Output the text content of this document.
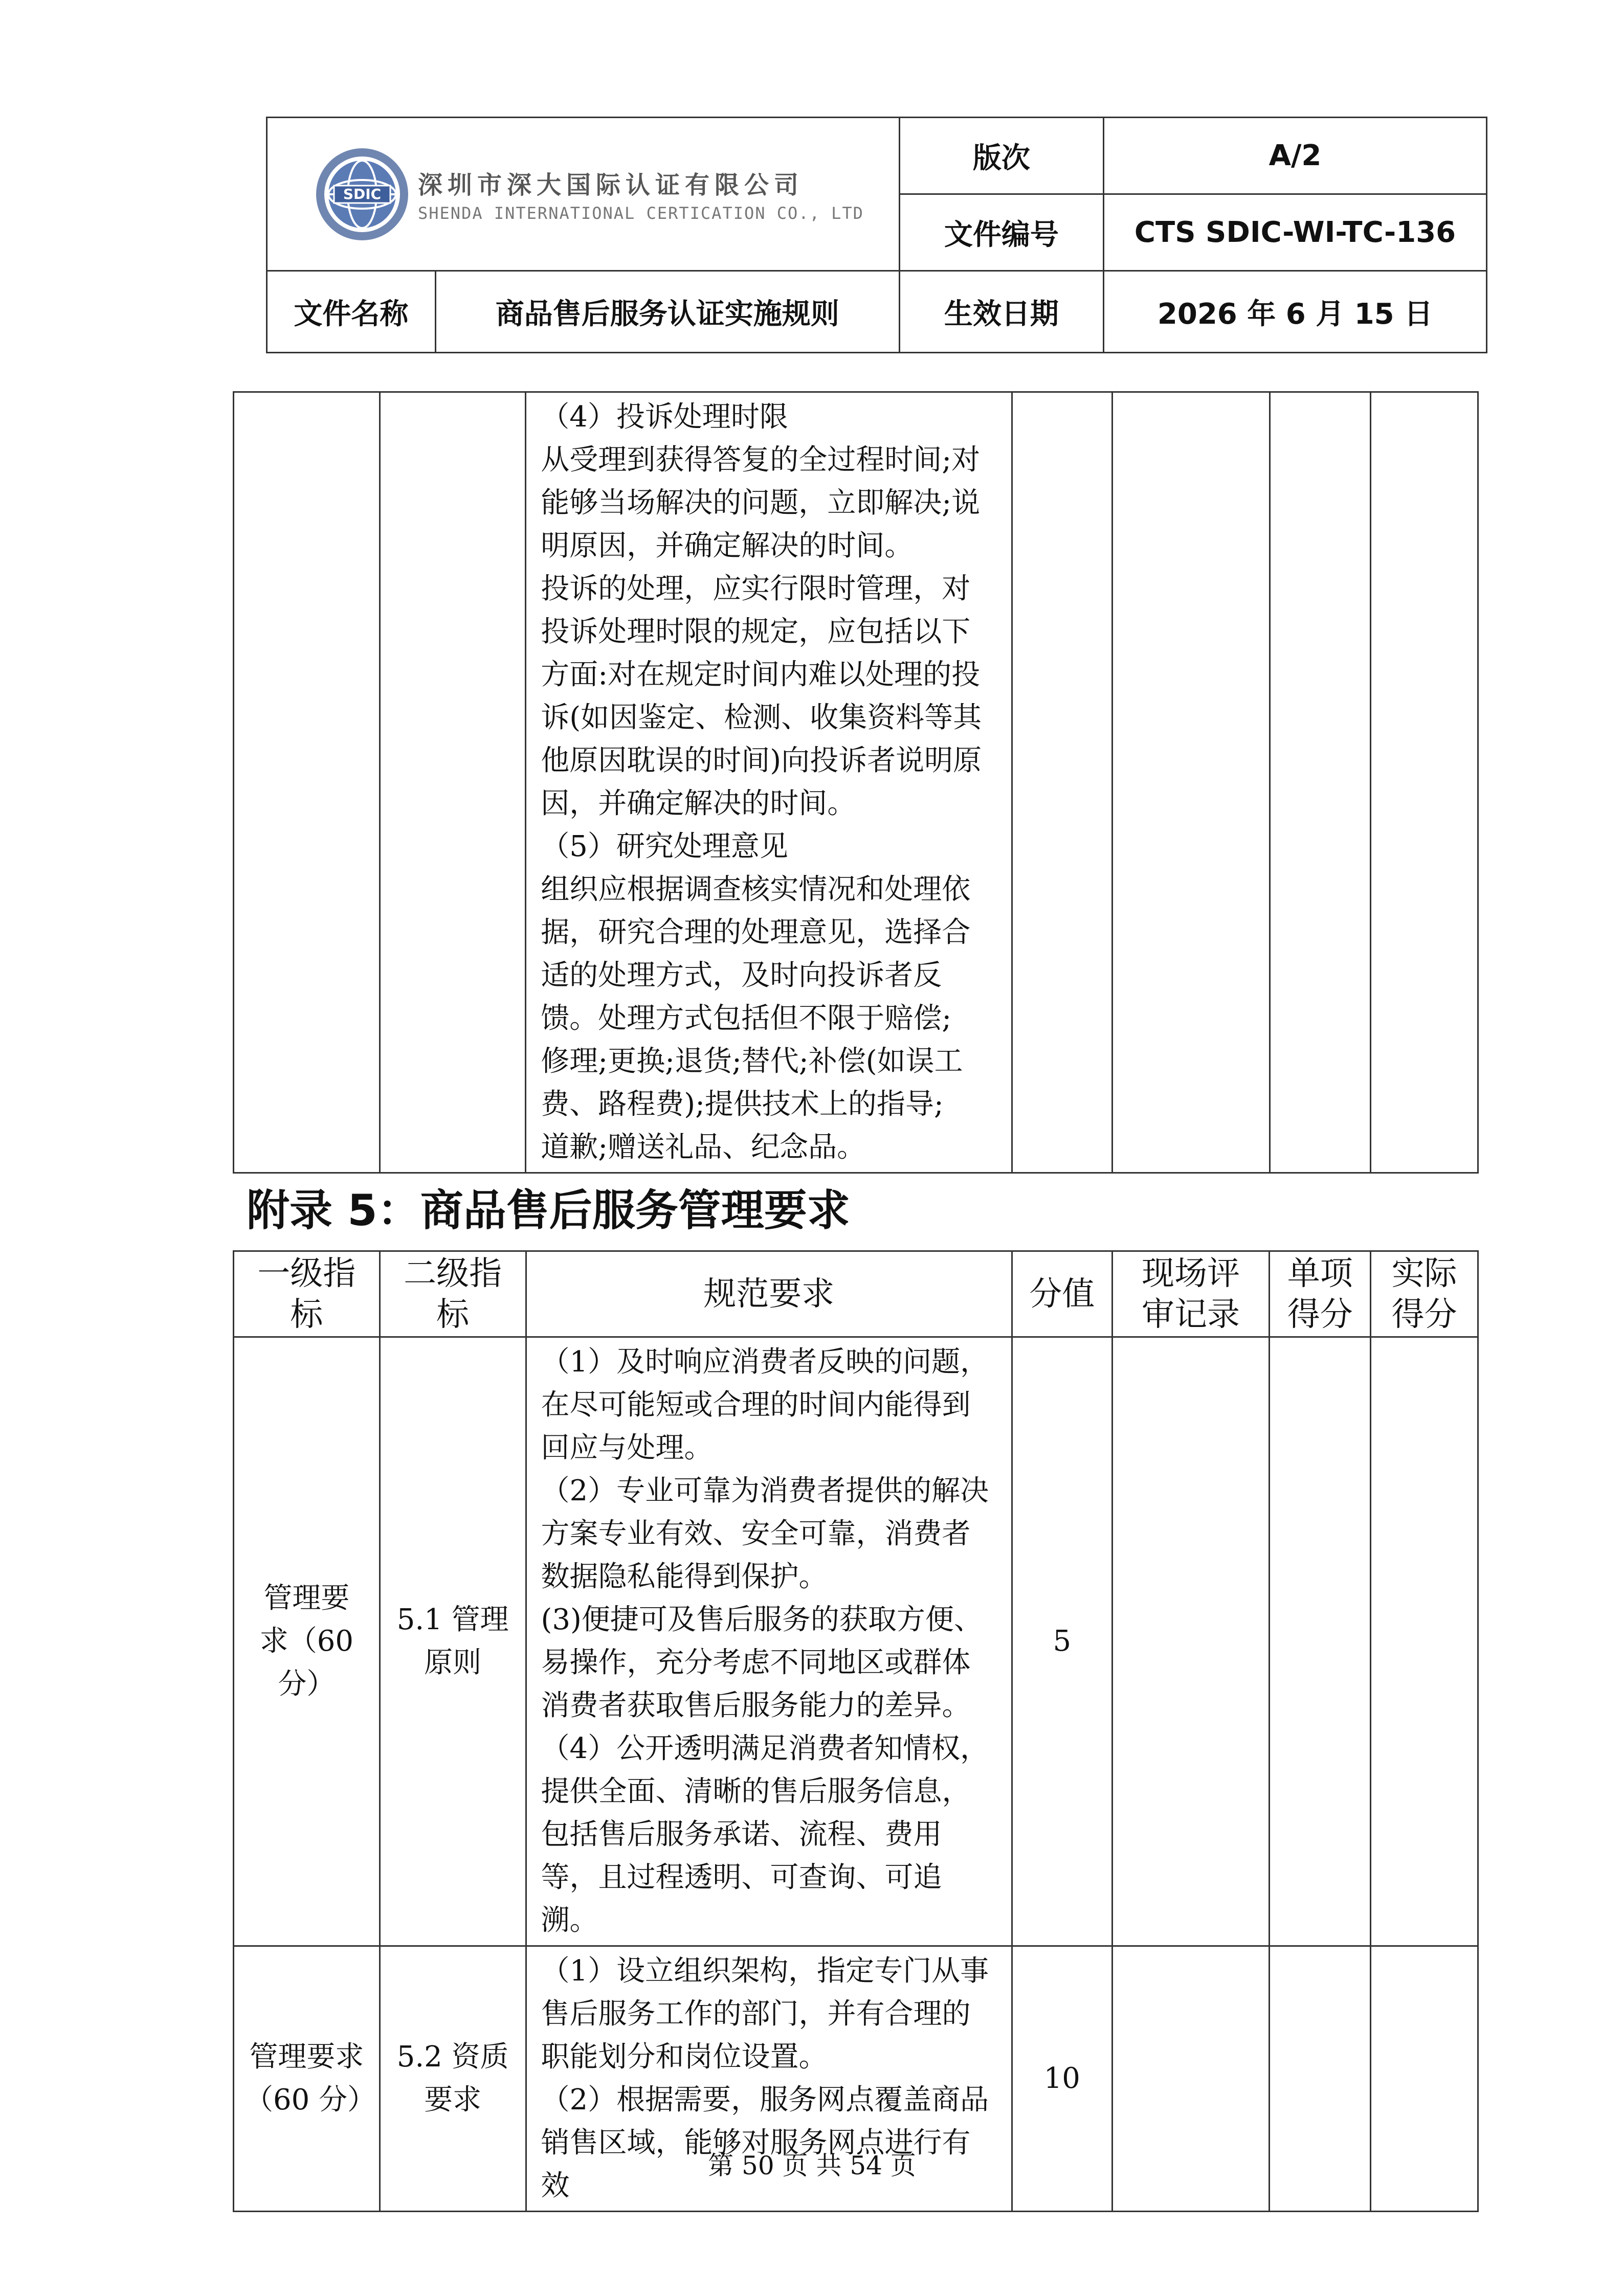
SDIC 深圳市深大国际认证有限公司
SHENDA INTERNATIONAL CERTICATION CO., LTD		版次	A/2
		文件编号	CTS SDIC-WI-TC-136
文件名称	商品售后服务认证实施规则	生效日期	2026 年 6 月 15 日

（4）投诉处理时限

从受理到获得答复的全过程时间;对能够当场解决的问题，立即解决;说明原因，并确定解决的时间。

投诉的处理，应实行限时管理，对投诉处理时限的规定，应包括以下方面:对在规定时间内难以处理的投诉(如因鉴定、检测、收集资料等其他原因耽误的时间)向投诉者说明原因，并确定解决的时间。

（5）研究处理意见

组织应根据调查核实情况和处理依据，研究合理的处理意见，选择合适的处理方式，及时向投诉者反馈。处理方式包括但不限于赔偿;

修理;更换;退货;替代;补偿(如误工费、路程费);提供技术上的指导;

道歉;赠送礼品、纪念品。

附录 5：商品售后服务管理要求
一级指标	二级指标	规范要求	分值	现场评审记录	单项得分	实际得分
管理要求（60 分）	5.1 管理原则	（1）及时响应消费者反映的问题，在尽可能短或合理的时间内能得到回应与处理。

（2）专业可靠为消费者提供的解决方案专业有效、安全可靠，消费者数据隐私能得到保护。

(3)便捷可及售后服务的获取方便、易操作，充分考虑不同地区或群体消费者获取售后服务能力的差异。

（4）公开透明满足消费者知情权，提供全面、清晰的售后服务信息，包括售后服务承诺、流程、费用等，且过程透明、可查询、可追溯。	5			
管理要求（60 分）	5.2 资质要求	（1）设立组织架构，指定专门从事售后服务工作的部门，并有合理的职能划分和岗位设置。

（2）根据需要，服务网点覆盖商品销售区域，能够对服务网点进行有效	10			
第 50 页 共 54 页
